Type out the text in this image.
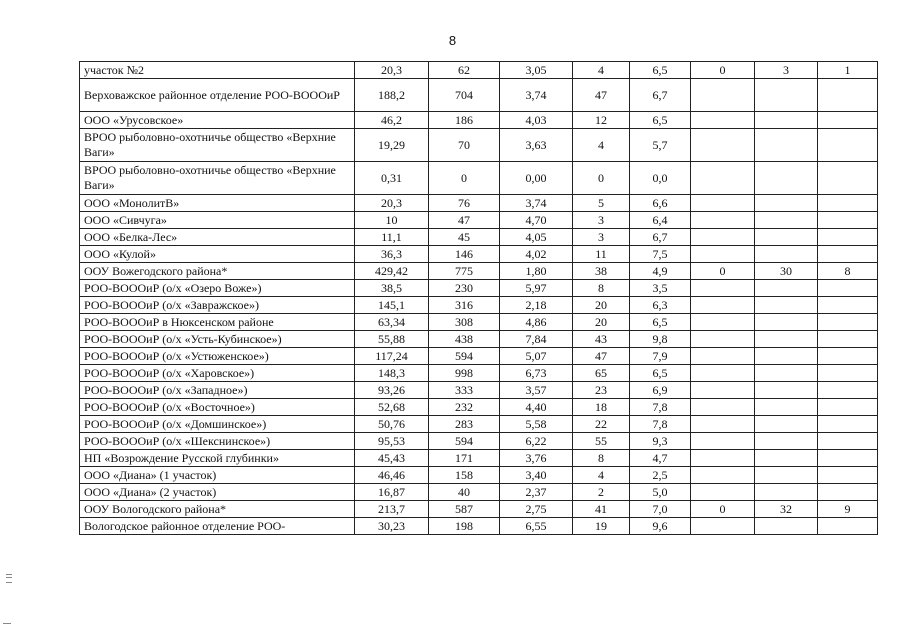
8
участок №2	20,3	62	3,05	4	6,5	0	3	1
Верховажское районное отделение РОО-ВОООиР	188,2	704	3,74	47	6,7			
ООО «Урусовское»	46,2	186	4,03	12	6,5			
ВРОО рыболовно-охотничье общество «Верхние Ваги»	19,29	70	3,63	4	5,7			
ВРОО рыболовно-охотничье общество «Верхние Ваги»	0,31	0	0,00	0	0,0			
ООО «МонолитВ»	20,3	76	3,74	5	6,6			
ООО «Сивчуга»	10	47	4,70	3	6,4			
ООО «Белка-Лес»	11,1	45	4,05	3	6,7			
ООО «Кулой»	36,3	146	4,02	11	7,5			
ООУ Вожегодского района*	429,42	775	1,80	38	4,9	0	30	8
РОО-ВОООиР (о/х «Озеро Воже»)	38,5	230	5,97	8	3,5			
РОО-ВОООиР (о/х «Завражское»)	145,1	316	2,18	20	6,3			
РОО-ВОООиР в Нюксенском районе	63,34	308	4,86	20	6,5			
РОО-ВОООиР (о/х «Усть-Кубинское»)	55,88	438	7,84	43	9,8			
РОО-ВОООиР (о/х «Устюженское»)	117,24	594	5,07	47	7,9			
РОО-ВОООиР (о/х «Харовское»)	148,3	998	6,73	65	6,5			
РОО-ВОООиР (о/х «Западное»)	93,26	333	3,57	23	6,9			
РОО-ВОООиР (о/х «Восточное»)	52,68	232	4,40	18	7,8			
РОО-ВОООиР (о/х «Домшинское»)	50,76	283	5,58	22	7,8			
РОО-ВОООиР (о/х «Шекснинское»)	95,53	594	6,22	55	9,3			
НП «Возрождение Русской глубинки»	45,43	171	3,76	8	4,7			
ООО «Диана» (1 участок)	46,46	158	3,40	4	2,5			
ООО «Диана» (2 участок)	16,87	40	2,37	2	5,0			
ООУ Вологодского района*	213,7	587	2,75	41	7,0	0	32	9
Вологодское районное отделение РОО-	30,23	198	6,55	19	9,6			
